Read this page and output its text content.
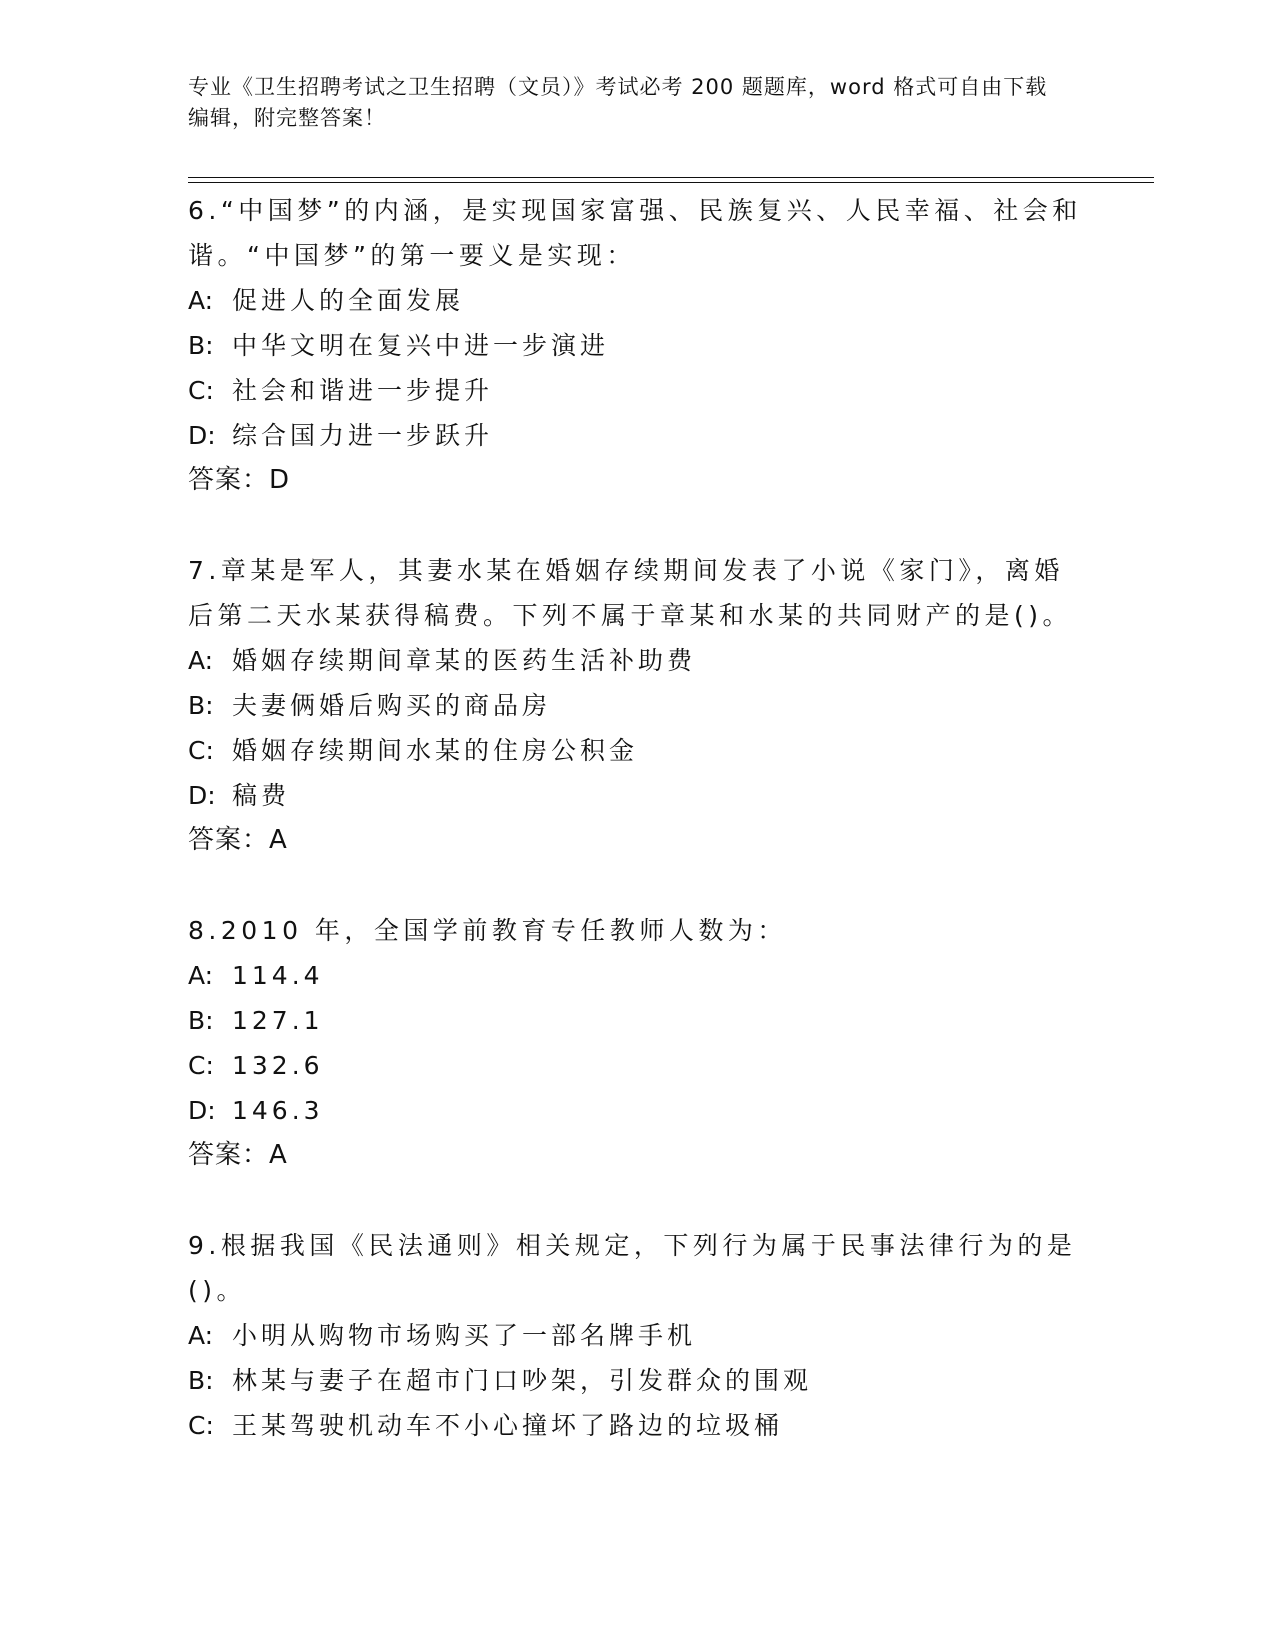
专业《卫生招聘考试之卫生招聘（文员）》考试必考 200 题题库，word 格式可自由下载编辑，附完整答案！

6.“中国梦”的内涵，是实现国家富强、民族复兴、人民幸福、社会和谐。“中国梦”的第一要义是实现：

A: 促进人的全面发展

B: 中华文明在复兴中进一步演进

C: 社会和谐进一步提升

D: 综合国力进一步跃升

答案：D

7.章某是军人，其妻水某在婚姻存续期间发表了小说《家门》，离婚后第二天水某获得稿费。下列不属于章某和水某的共同财产的是()。

A: 婚姻存续期间章某的医药生活补助费

B: 夫妻俩婚后购买的商品房

C: 婚姻存续期间水某的住房公积金

D: 稿费

答案：A

8.2010 年，全国学前教育专任教师人数为：

A: 114.4

B: 127.1

C: 132.6

D: 146.3

答案：A

9.根据我国《民法通则》相关规定，下列行为属于民事法律行为的是()。

A: 小明从购物市场购买了一部名牌手机

B: 林某与妻子在超市门口吵架，引发群众的围观

C: 王某驾驶机动车不小心撞坏了路边的垃圾桶
